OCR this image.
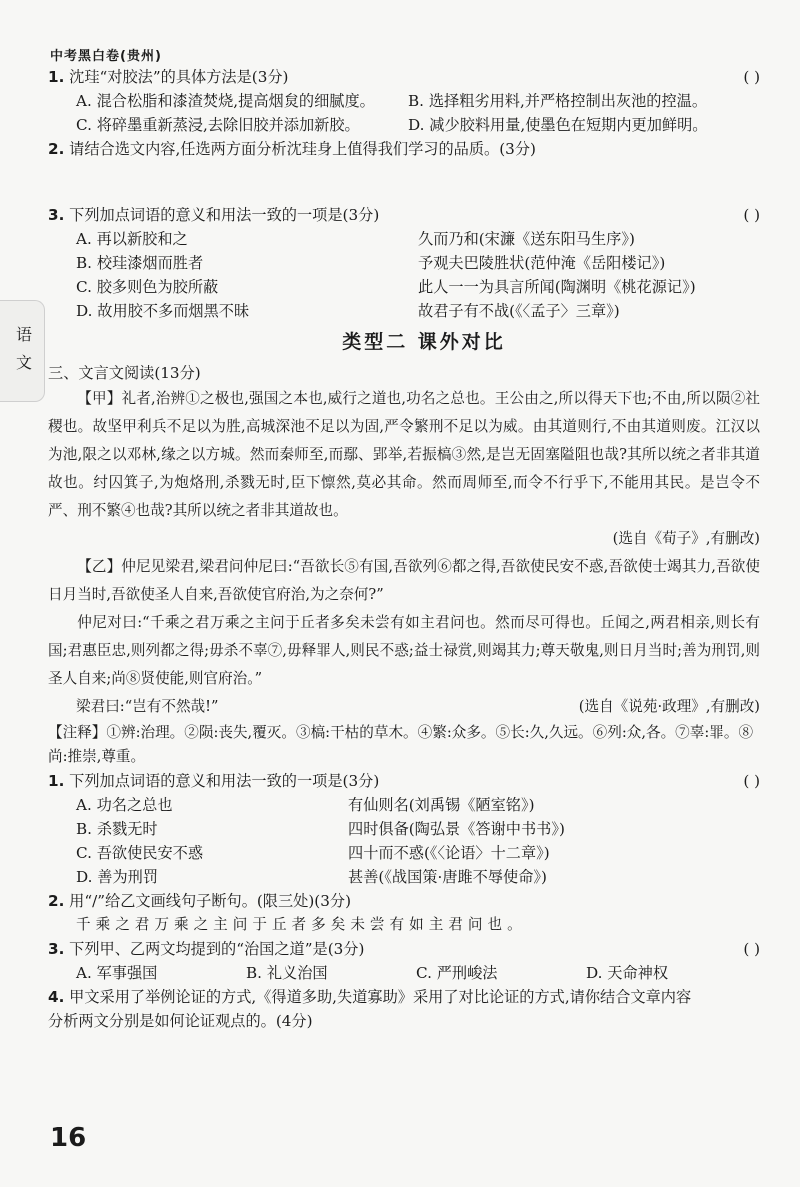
中考黑白卷(贵州)
语文
1. 沈珪“对胶法”的具体方法是(3分)	( )
A. 混合松脂和漆渣焚烧,提高烟炱的细腻度。 B. 选择粗劣用料,并严格控制出灰池的控温。
C. 将碎墨重新蒸浸,去除旧胶并添加新胶。	D. 减少胶料用量,使墨色在短期内更加鲜明。
2. 请结合选文内容,任选两方面分析沈珪身上值得我们学习的品质。(3分)
3. 下列加点词语的意义和用法一致的一项是(3分)	( )
A. 再以新胶和之	久而乃和(宋濂《送东阳马生序》)
B. 校珪漆烟而胜者	予观夫巴陵胜状(范仲淹《岳阳楼记》)
C. 胶多则色为胶所蔽	此人一一为具言所闻(陶渊明《桃花源记》)
D. 故用胶不多而烟黑不昧	故君子有不战(《〈孟子〉三章》)
类型二 课外对比
三、文言文阅读(13分)

【甲】礼者,治辨①之极也,强国之本也,威行之道也,功名之总也。王公由之,所以得天下也;不由,所以陨②社稷也。故坚甲利兵不足以为胜,高城深池不足以为固,严令繁刑不足以为威。由其道则行,不由其道则废。江汉以为池,限之以邓林,缘之以方城。然而秦师至,而鄢、郢举,若振槁③然,是岂无固塞隘阻也哉?其所以统之者非其道故也。纣囚箕子,为炮烙刑,杀戮无时,臣下懔然,莫必其命。然而周师至,而令不行乎下,不能用其民。是岂令不严、刑不繁④也哉?其所以统之者非其道故也。

(选自《荀子》,有删改)

【乙】仲尼见梁君,梁君问仲尼曰:“吾欲长⑤有国,吾欲列⑥都之得,吾欲使民安不惑,吾欲使士竭其力,吾欲使日月当时,吾欲使圣人自来,吾欲使官府治,为之奈何?”

仲尼对曰:“千乘之君万乘之主问于丘者多矣未尝有如主君问也。然而尽可得也。丘闻之,两君相亲,则长有国;君惠臣忠,则列都之得;毋杀不辜⑦,毋释罪人,则民不惑;益士禄赏,则竭其力;尊天敬鬼,则日月当时;善为刑罚,则圣人自来;尚⑧贤使能,则官府治。”

梁君曰:“岂有不然哉!”	(选自《说苑·政理》,有删改)
【注释】①辨:治理。②陨:丧失,覆灭。③槁:干枯的草木。④繁:众多。⑤长:久,久远。⑥列:众,各。⑦辜:罪。⑧尚:推崇,尊重。
1. 下列加点词语的意义和用法一致的一项是(3分)	( )
A. 功名之总也	有仙则名(刘禹锡《陋室铭》)
B. 杀戮无时	四时俱备(陶弘景《答谢中书书》)
C. 吾欲使民安不惑	四十而不惑(《〈论语〉十二章》)
D. 善为刑罚	甚善(《战国策·唐雎不辱使命》)
2. 用“/”给乙文画线句子断句。(限三处)(3分)
千乘之君万乘之主问于丘者多矣未尝有如主君问也。
3. 下列甲、乙两文均提到的“治国之道”是(3分)	( )
A. 军事强国	B. 礼义治国	C. 严刑峻法	D. 天命神权
4. 甲文采用了举例论证的方式,《得道多助,失道寡助》采用了对比论证的方式,请你结合文章内容
分析两文分别是如何论证观点的。(4分)
16
